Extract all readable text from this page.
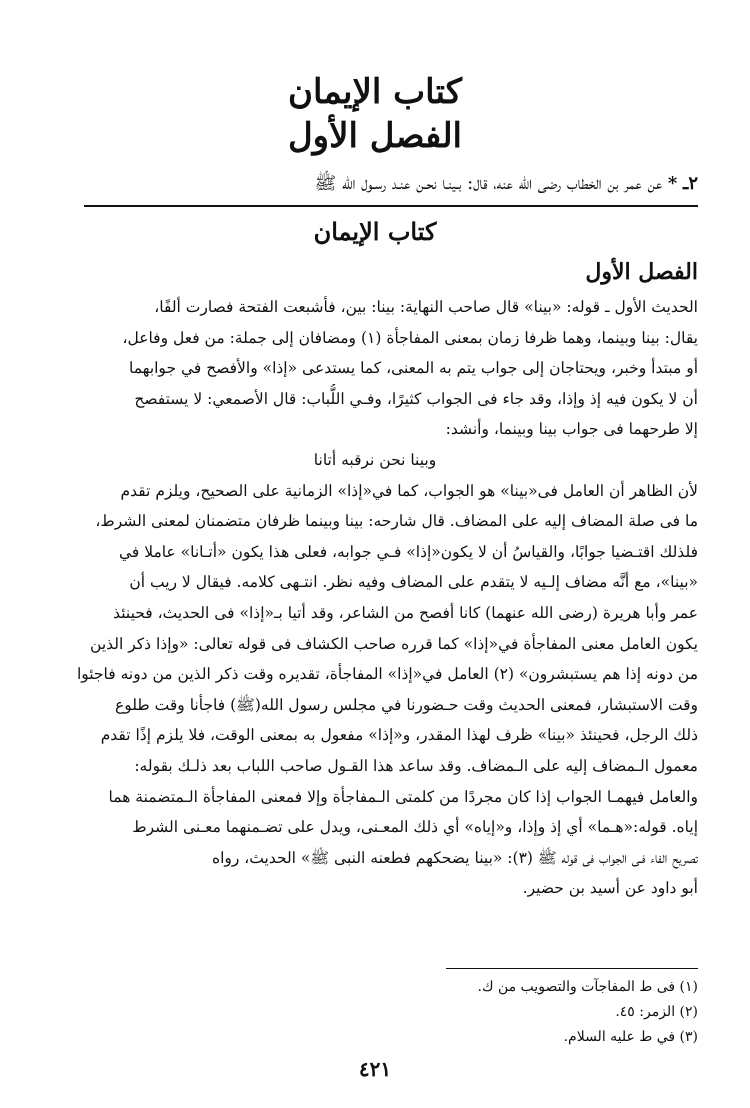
كتاب الإيمان
الفصل الأول
٢ـ * عن عمر بن الخطاب رضى الله عنه، قال: بـينـا نحـن عنـد رسـول الله ﷺ
كتاب الإيمان
الفصل الأول
الحديث الأول ـ قوله: «بينا» قال صاحب النهاية: بينا: بين، فأشبعت الفتحة فصارت ألفًا،
يقال: بينا وبينما، وهما ظرفا زمان بمعنى المفاجأة (١) ومضافان إلى جملة: من فعل وفاعل،
أو مبتدأ وخبر، ويحتاجان إلى جواب يتم به المعنى، كما يستدعى «إذا» والأفصح في جوابهما
أن لا يكون فيه إذ وإذا، وقد جاء فى الجواب كثيرًا، وفـي اللُّباب: قال الأصمعي: لا يستفصح
إلا طرحهما فى جواب بينا وبينما، وأنشد:
وبينا نحن نرقبه أتانا
لأن الظاهر أن العامل فى«بينا» هو الجواب، كما في«إذا» الزمانية على الصحيح، ويلزم تقدم
ما فى صلة المضاف إليه على المضاف. قال شارحه: بينا وبينما ظرفان متضمنان لمعنى الشرط،
فلذلك اقتـضيا جوابًا، والقياسُ أن لا يكون«إذا» فـي جوابه، فعلى هذا يكون «أتـانا» عاملا في
«بينا»، مع أنَّه مضاف إلـيه لا يتقدم على المضاف وفيه نظر. انتـهى كلامه. فيقال لا ريب أن
عمر وأبا هريرة (رضى الله عنهما) كانا أفصح من الشاعر، وقد أتيا بـ«إذا» فى الحديث، فحينئذ
يكون العامل معنى المفاجأة في«إذا» كما قرره صاحب الكشاف فى قوله تعالى: «وإذا ذكر الذين
من دونه إذا هم يستبشرون» (٢) العامل في«إذا» المفاجأة، تقديره وقت ذكر الذين من دونه فاجئوا
وقت الاستبشار، فمعنى الحديث وقت حـضورنا في مجلس رسول الله(ﷺ) فاجأنا وقت طلوع
ذلك الرجل، فحينئذ «بينا» ظرف لهذا المقدر، و«إذا» مفعول به بمعنى الوقت، فلا يلزم إذًا تقدم
معمول الـمضاف إليه على الـمضاف. وقد ساعد هذا القـول صاحب اللباب بعد ذلـك بقوله:
والعامل فيهمـا الجواب إذا كان مجردًا من كلمتى الـمفاجأة وإلا فمعنى المفاجأة الـمتضمنة هما
إياه. قوله:«هـما» أي إذ وإذا، و«إياه» أي ذلك المعـنى، ويدل على تضـمنهما معـنى الشرط
تصريح الفاء فـى الجواب فى قوله ﷺ (٣): «بينا يضحكهم فطعنه النبى ﷺ» الحديث، رواه
أبو داود عن أسيد بن حضير.
(١) فى ط المفاجآت والتصويب من ك.
(٢) الزمر: ٤٥.
(٣) في ط عليه السلام.
٤٢١
